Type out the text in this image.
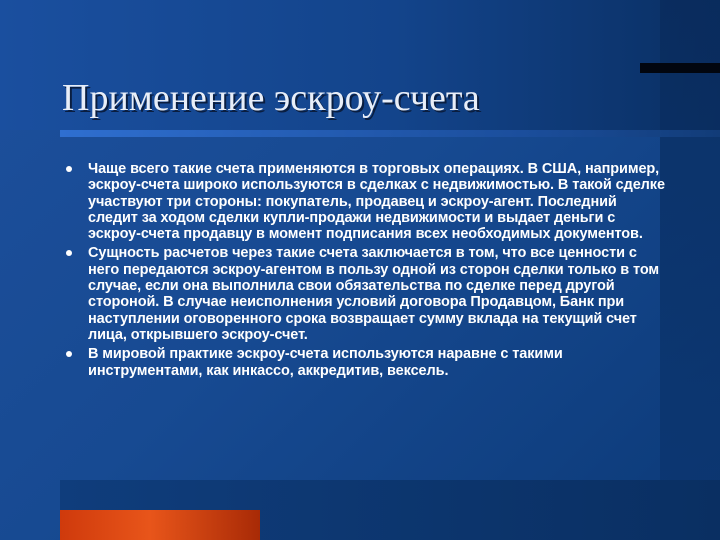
Применение эскроу-счета
Чаще всего такие счета применяются в торговых операциях. В США, например, эскроу-счета широко используются в сделках с недвижимостью. В такой сделке участвуют три стороны: покупатель, продавец и эскроу-агент. Последний следит за ходом сделки купли-продажи недвижимости и выдает деньги с эскроу-счета продавцу в момент подписания всех необходимых документов.
Сущность расчетов через такие счета заключается в том, что все ценности с него передаются эскроу-агентом в пользу одной из сторон сделки только в том случае, если она выполнила свои обязательства по сделке перед другой стороной. В случае неисполнения условий договора Продавцом, Банк при наступлении оговоренного срока возвращает сумму вклада на текущий счет лица, открывшего эскроу-счет.
В мировой практике эскроу-счета используются наравне с такими инструментами, как инкассо, аккредитив, вексель.
